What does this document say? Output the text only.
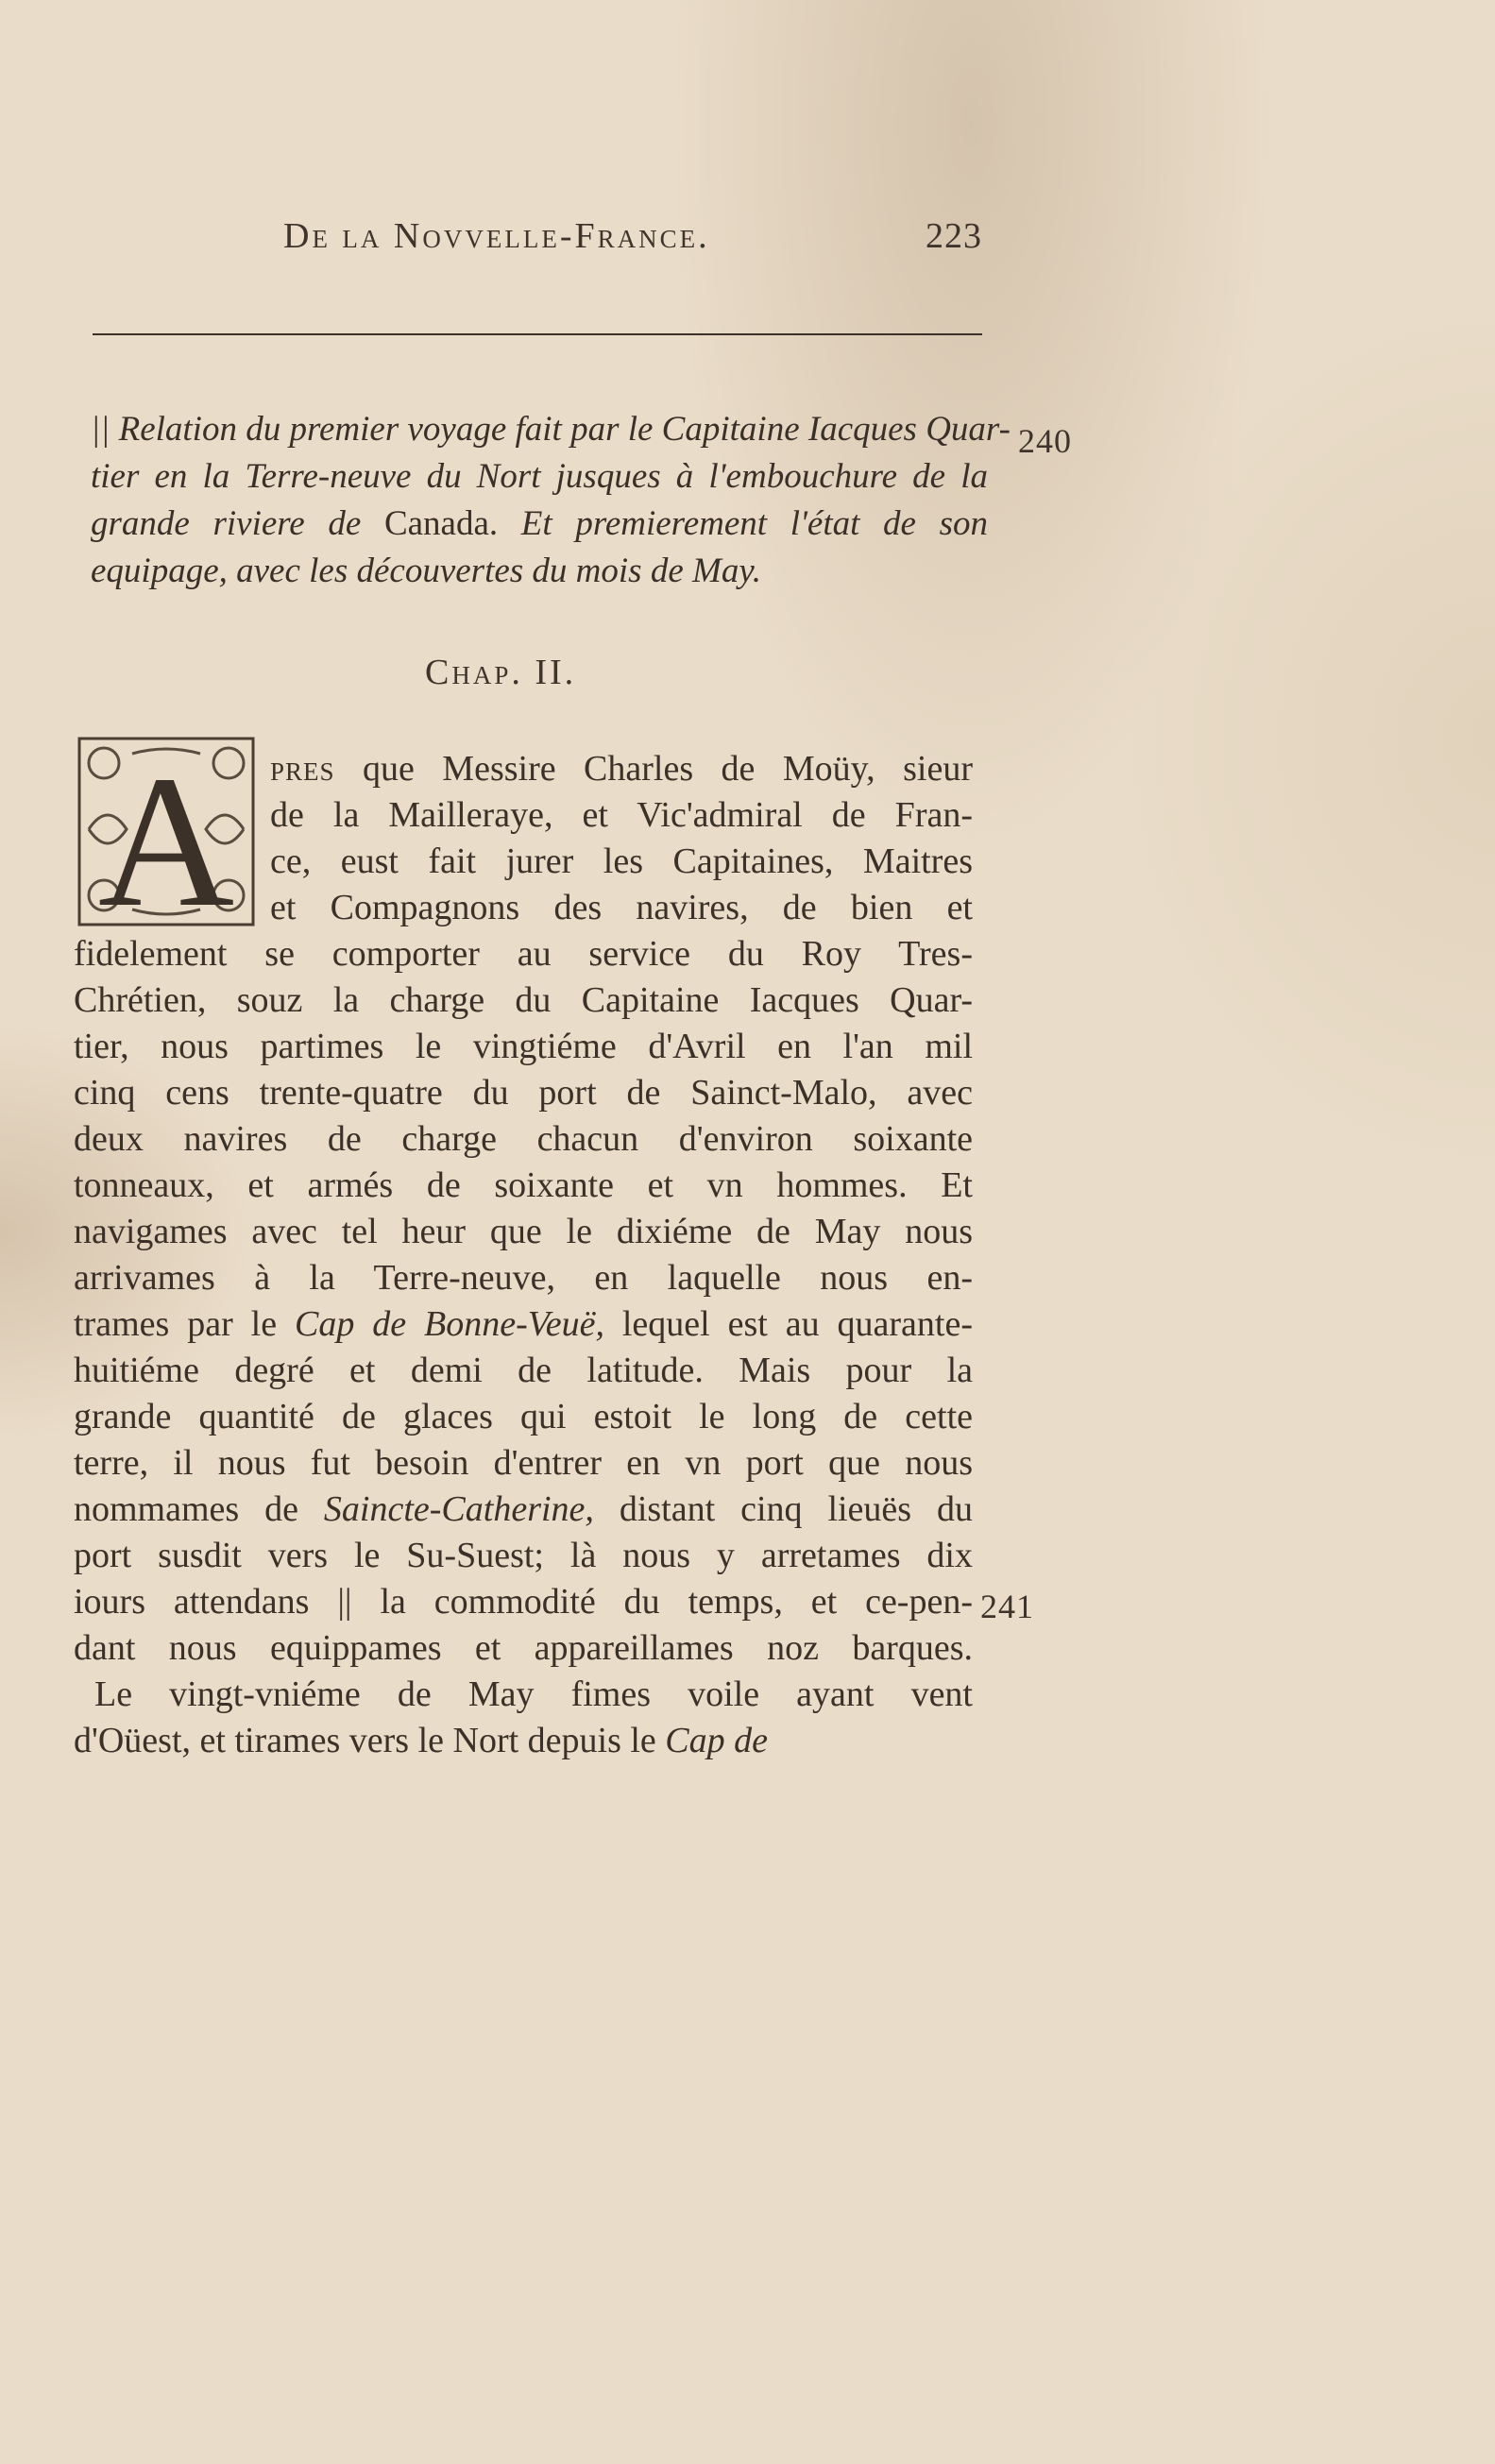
De la Novvelle-France.	223
240
241
|| Relation du premier voyage fait par le Capitaine Iacques Quar-
tier en la Terre-neuve du Nort jusques à l'embouchure de la
grande riviere de Canada. Et premierement l'état de son
equipage, avec les découvertes du mois de May.
Chap. II.
A pres que Messire Charles de Moüy, sieur
de la Mailleraye, et Vic'admiral de Fran-
ce, eust fait jurer les Capitaines, Maitres
et Compagnons des navires, de bien et
fidelement se comporter au service du Roy Tres-
Chrétien, souz la charge du Capitaine Iacques Quar-
tier, nous partimes le vingtiéme d'Avril en l'an mil
cinq cens trente-quatre du port de Sainct-Malo, avec
deux navires de charge chacun d'environ soixante
tonneaux, et armés de soixante et vn hommes. Et
navigames avec tel heur que le dixiéme de May nous
arrivames à la Terre-neuve, en laquelle nous en-
trames par le Cap de Bonne-Veuë, lequel est au quarante-
huitiéme degré et demi de latitude. Mais pour la
grande quantité de glaces qui estoit le long de cette
terre, il nous fut besoin d'entrer en vn port que nous
nommames de Saincte-Catherine, distant cinq lieuës du
port susdit vers le Su-Suest; là nous y arretames dix
iours attendans || la commodité du temps, et ce-pen-
dant nous equippames et appareillames noz barques.
Le vingt-vniéme de May fimes voile ayant vent
d'Oüest, et tirames vers le Nort depuis le Cap de
